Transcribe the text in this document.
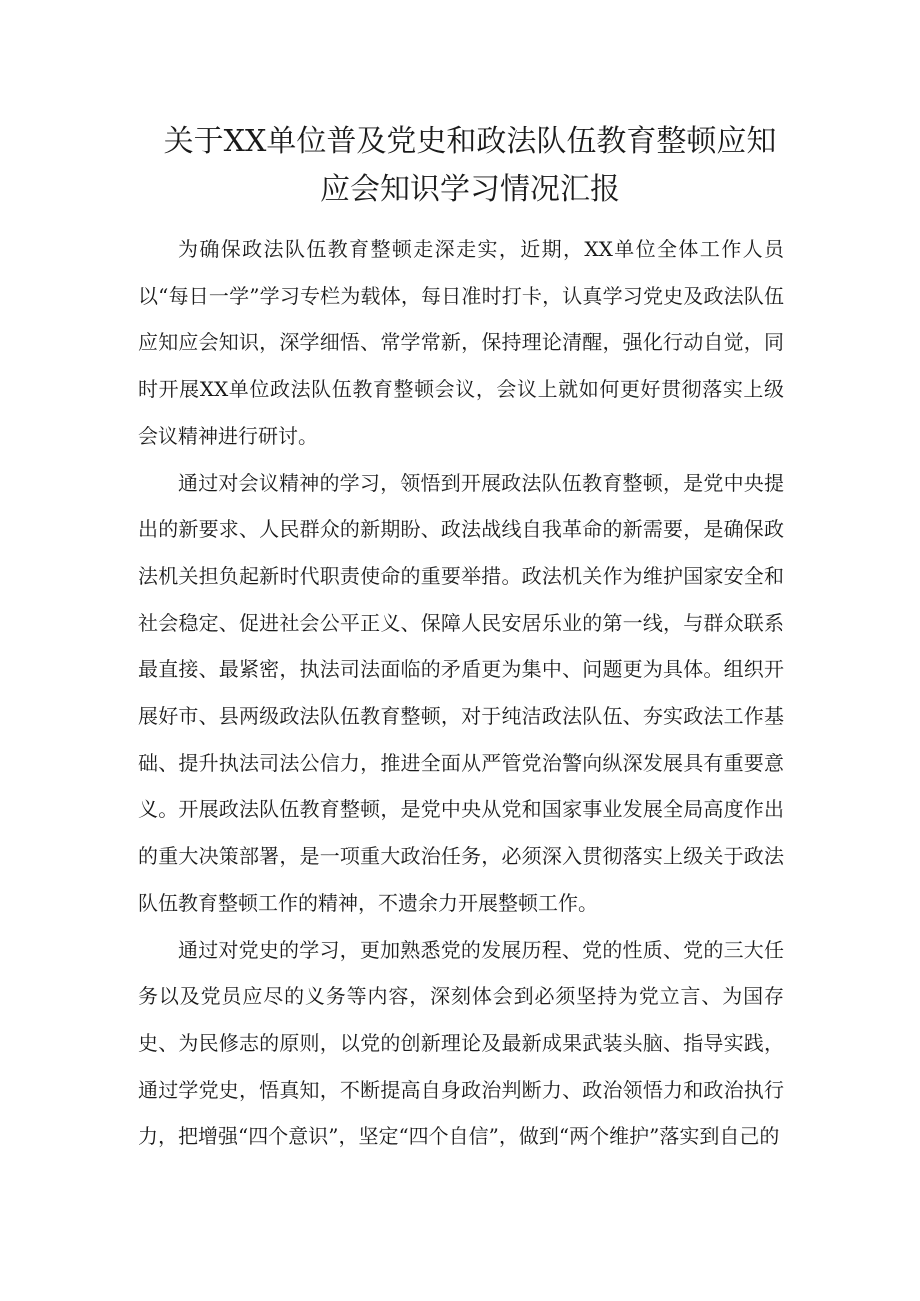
关于XX单位普及党史和政法队伍教育整顿应知
应会知识学习情况汇报

为确保政法队伍教育整顿走深走实，近期，XX单位全体工作人员以“每日一学”学习专栏为载体，每日准时打卡，认真学习党史及政法队伍应知应会知识，深学细悟、常学常新，保持理论清醒，强化行动自觉，同时开展XX单位政法队伍教育整顿会议，会议上就如何更好贯彻落实上级会议精神进行研讨。

通过对会议精神的学习，领悟到开展政法队伍教育整顿，是党中央提出的新要求、人民群众的新期盼、政法战线自我革命的新需要，是确保政法机关担负起新时代职责使命的重要举措。政法机关作为维护国家安全和社会稳定、促进社会公平正义、保障人民安居乐业的第一线，与群众联系最直接、最紧密，执法司法面临的矛盾更为集中、问题更为具体。组织开展好市、县两级政法队伍教育整顿，对于纯洁政法队伍、夯实政法工作基础、提升执法司法公信力，推进全面从严管党治警向纵深发展具有重要意义。开展政法队伍教育整顿，是党中央从党和国家事业发展全局高度作出的重大决策部署，是一项重大政治任务，必须深入贯彻落实上级关于政法队伍教育整顿工作的精神，不遗余力开展整顿工作。

通过对党史的学习，更加熟悉党的发展历程、党的性质、党的三大任务以及党员应尽的义务等内容，深刻体会到必须坚持为党立言、为国存史、为民修志的原则，以党的创新理论及最新成果武装头脑、指导实践，通过学党史，悟真知，不断提高自身政治判断力、政治领悟力和政治执行力，把增强“四个意识”，坚定“四个自信”，做到“两个维护”落实到自己的
